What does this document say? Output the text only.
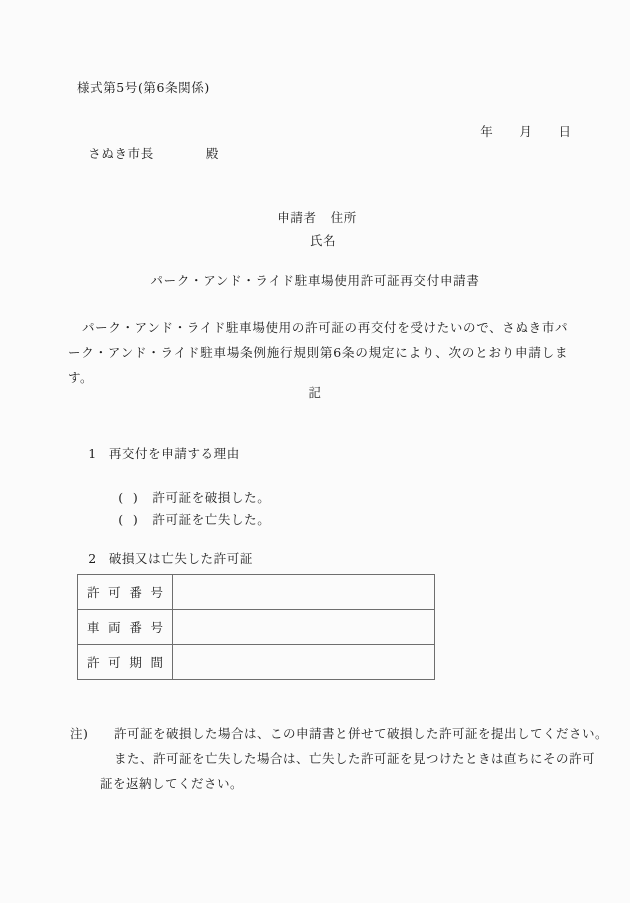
様式第5号(第6条関係)

年 月 日

さぬき市長	殿

申請者 住所

氏名
パーク・アンド・ライド駐車場使用許可証再交付申請書
パーク・アンド・ライド駐車場使用の許可証の再交付を受けたいので、さぬき市パーク・アンド・ライド駐車場条例施行規則第6条の規定により、次のとおり申請します。
記

1 再交付を申請する理由

(  ) 許可証を破損した。

(  ) 許可証を亡失した。

2 破損又は亡失した許可証

許可番号	
車両番号	
許可期間	
注) 許可証を破損した場合は、この申請書と併せて破損した許可証を提出してください。
また、許可証を亡失した場合は、亡失した許可証を見つけたときは直ちにその許可
証を返納してください。
